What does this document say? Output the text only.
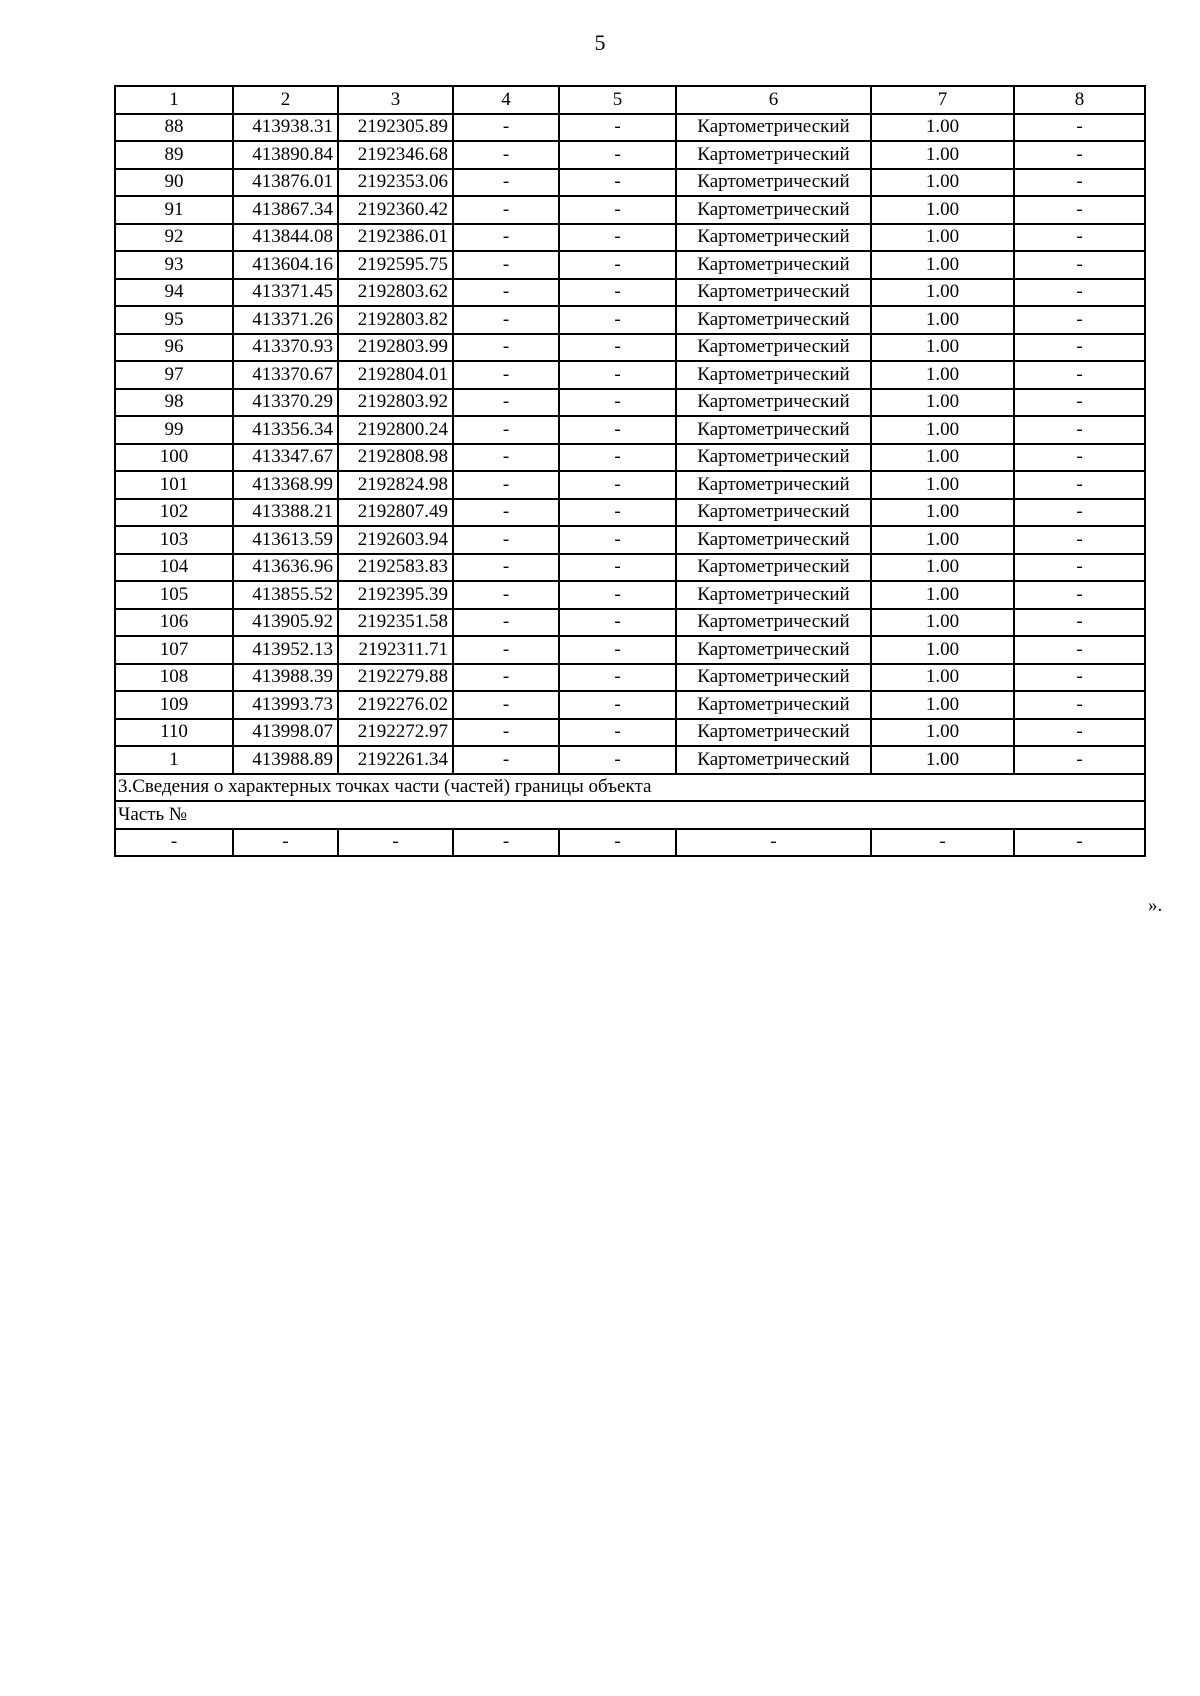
5
1	2	3	4	5	6	7	8
88	413938.31	2192305.89	-	-	Картометрический	1.00	-
89	413890.84	2192346.68	-	-	Картометрический	1.00	-
90	413876.01	2192353.06	-	-	Картометрический	1.00	-
91	413867.34	2192360.42	-	-	Картометрический	1.00	-
92	413844.08	2192386.01	-	-	Картометрический	1.00	-
93	413604.16	2192595.75	-	-	Картометрический	1.00	-
94	413371.45	2192803.62	-	-	Картометрический	1.00	-
95	413371.26	2192803.82	-	-	Картометрический	1.00	-
96	413370.93	2192803.99	-	-	Картометрический	1.00	-
97	413370.67	2192804.01	-	-	Картометрический	1.00	-
98	413370.29	2192803.92	-	-	Картометрический	1.00	-
99	413356.34	2192800.24	-	-	Картометрический	1.00	-
100	413347.67	2192808.98	-	-	Картометрический	1.00	-
101	413368.99	2192824.98	-	-	Картометрический	1.00	-
102	413388.21	2192807.49	-	-	Картометрический	1.00	-
103	413613.59	2192603.94	-	-	Картометрический	1.00	-
104	413636.96	2192583.83	-	-	Картометрический	1.00	-
105	413855.52	2192395.39	-	-	Картометрический	1.00	-
106	413905.92	2192351.58	-	-	Картометрический	1.00	-
107	413952.13	2192311.71	-	-	Картометрический	1.00	-
108	413988.39	2192279.88	-	-	Картометрический	1.00	-
109	413993.73	2192276.02	-	-	Картометрический	1.00	-
110	413998.07	2192272.97	-	-	Картометрический	1.00	-
1	413988.89	2192261.34	-	-	Картометрический	1.00	-
3.Сведения о характерных точках части (частей) границы объекта							
Часть №							
-	-	-	-	-	-	-	-
».
